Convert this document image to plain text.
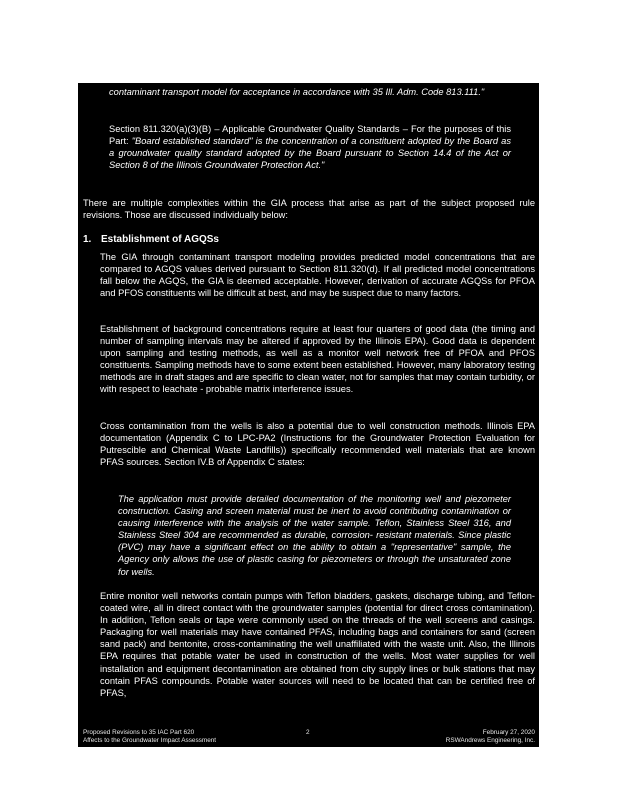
contaminant transport model for acceptance in accordance with 35 Ill. Adm. Code 813.111."

Section 811.320(a)(3)(B) – Applicable Groundwater Quality Standards – For the purposes of this Part: "Board established standard" is the concentration of a constituent adopted by the Board as a groundwater quality standard adopted by the Board pursuant to Section 14.4 of the Act or Section 8 of the Illinois Groundwater Protection Act."

There are multiple complexities within the GIA process that arise as part of the subject proposed rule revisions. Those are discussed individually below:

1. Establishment of AGQSs

The GIA through contaminant transport modeling provides predicted model concentrations that are compared to AGQS values derived pursuant to Section 811.320(d). If all predicted model concentrations fall below the AGQS, the GIA is deemed acceptable. However, derivation of accurate AGQSs for PFOA and PFOS constituents will be difficult at best, and may be suspect due to many factors.

Establishment of background concentrations require at least four quarters of good data (the timing and number of sampling intervals may be altered if approved by the Illinois EPA). Good data is dependent upon sampling and testing methods, as well as a monitor well network free of PFOA and PFOS constituents. Sampling methods have to some extent been established. However, many laboratory testing methods are in draft stages and are specific to clean water, not for samples that may contain turbidity, or with respect to leachate - probable matrix interference issues.

Cross contamination from the wells is also a potential due to well construction methods. Illinois EPA documentation (Appendix C to LPC-PA2 (Instructions for the Groundwater Protection Evaluation for Putrescible and Chemical Waste Landfills)) specifically recommended well materials that are known PFAS sources. Section IV.B of Appendix C states:

The application must provide detailed documentation of the monitoring well and piezometer construction. Casing and screen material must be inert to avoid contributing contamination or causing interference with the analysis of the water sample. Teflon, Stainless Steel 316, and Stainless Steel 304 are recommended as durable, corrosion- resistant materials. Since plastic (PVC) may have a significant effect on the ability to obtain a "representative" sample, the Agency only allows the use of plastic casing for piezometers or through the unsaturated zone for wells.

Entire monitor well networks contain pumps with Teflon bladders, gaskets, discharge tubing, and Teflon-coated wire, all in direct contact with the groundwater samples (potential for direct cross contamination). In addition, Teflon seals or tape were commonly used on the threads of the well screens and casings. Packaging for well materials may have contained PFAS, including bags and containers for sand (screen sand pack) and bentonite, cross-contaminating the well unaffiliated with the waste unit. Also, the Illinois EPA requires that potable water be used in construction of the wells. Most water supplies for well installation and equipment decontamination are obtained from city supply lines or bulk stations that may contain PFAS compounds. Potable water sources will need to be located that can be certified free of PFAS,

Proposed Revisions to 35 IAC Part 620
Affects to the Groundwater Impact Assessment
2	February 27, 2020
RSWAndrews Engineering, Inc.
